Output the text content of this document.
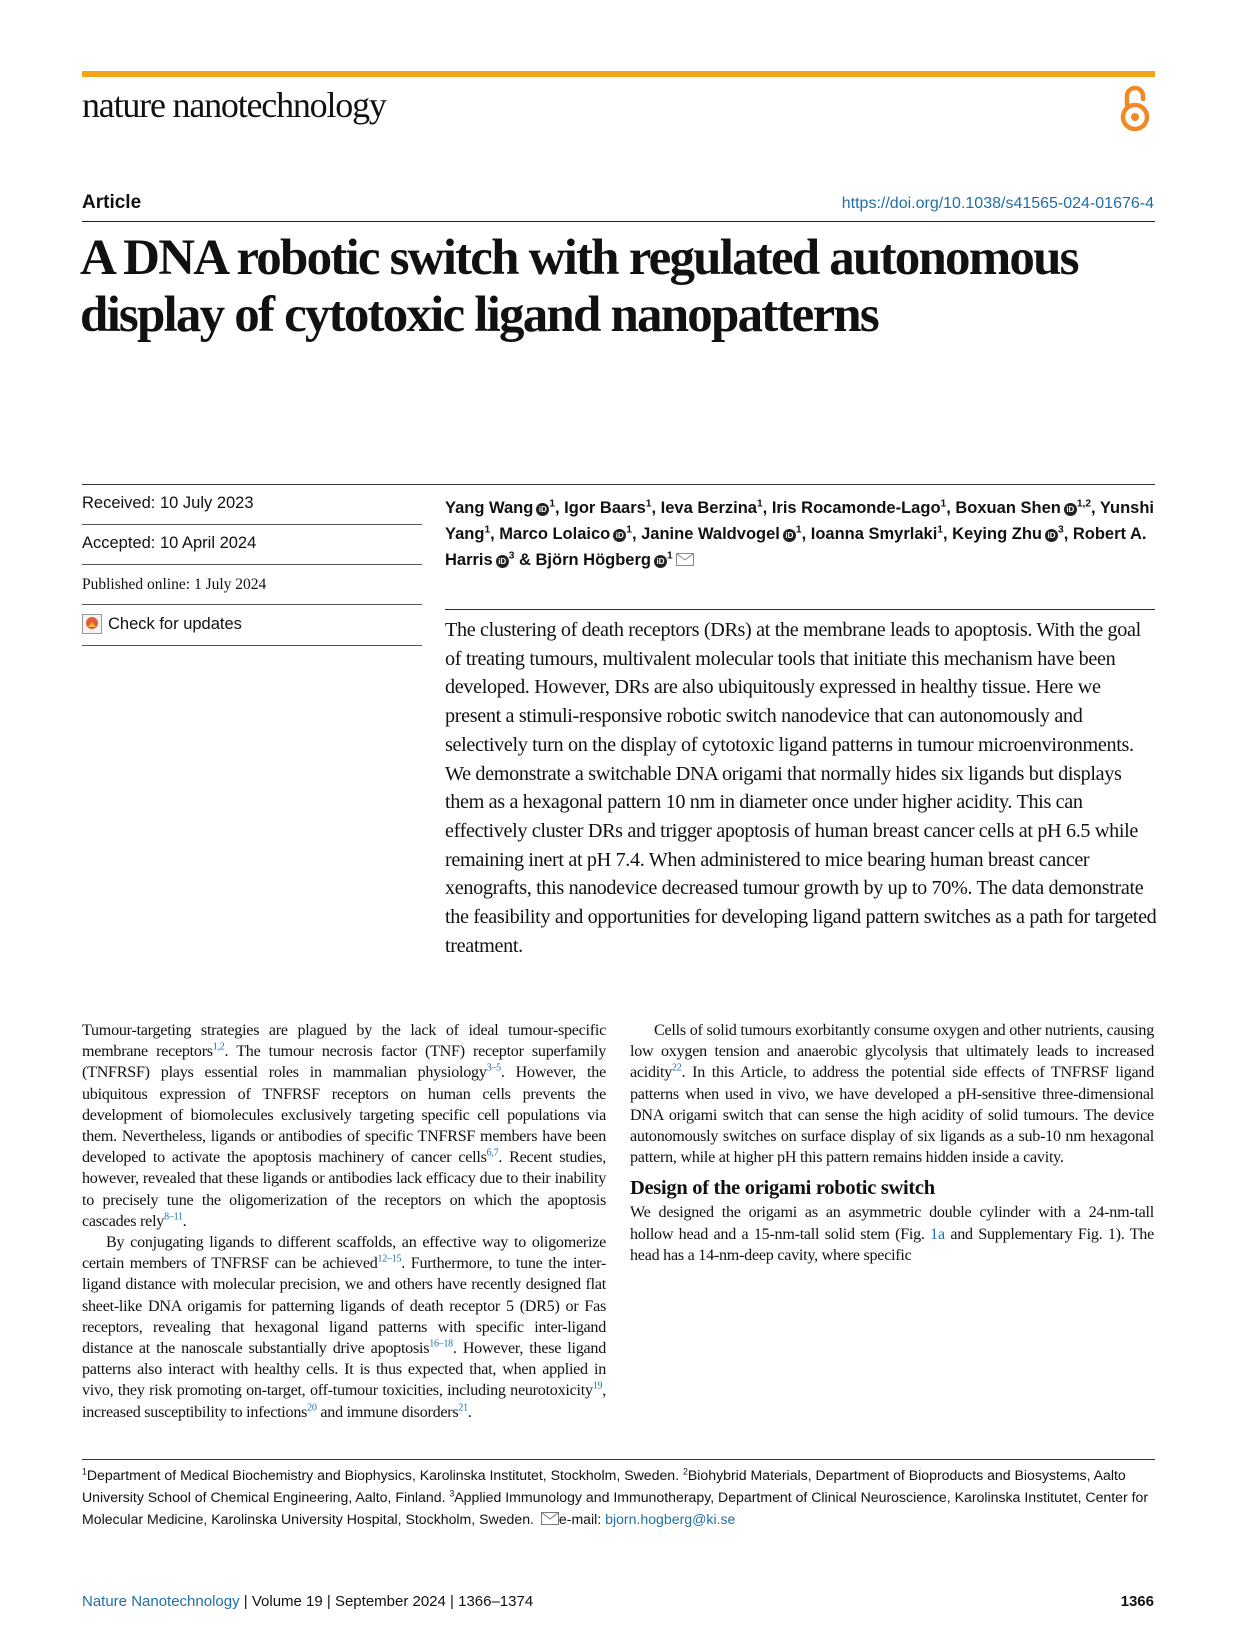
nature nanotechnology
Article	https://doi.org/10.1038/s41565-024-01676-4
A DNA robotic switch with regulated autonomous display of cytotoxic ligand nanopatterns
Received: 10 July 2023
Accepted: 10 April 2024
Published online: 1 July 2024
Check for updates
Yang Wang iD $^1$, Igor Baars$^1$, Ieva Berzina$^1$, Iris Rocamonde-Lago$^1$, Boxuan Shen iD $^{1,2}$, Yunshi Yang$^1$, Marco Lolaico iD $^1$, Janine Waldvogel iD $^1$, Ioanna Smyrlaki$^1$, Keying Zhu iD $^3$, Robert A. Harris iD $^3$ & Björn Högberg iD $^1$

The clustering of death receptors (DRs) at the membrane leads to apoptosis. With the goal of treating tumours, multivalent molecular tools that initiate this mechanism have been developed. However, DRs are also ubiquitously expressed in healthy tissue. Here we present a stimuli-responsive robotic switch nanodevice that can autonomously and selectively turn on the display of cytotoxic ligand patterns in tumour microenvironments. We demonstrate a switchable DNA origami that normally hides six ligands but displays them as a hexagonal pattern 10 nm in diameter once under higher acidity. This can effectively cluster DRs and trigger apoptosis of human breast cancer cells at pH 6.5 while remaining inert at pH 7.4. When administered to mice bearing human breast cancer xenografts, this nanodevice decreased tumour growth by up to 70%. The data demonstrate the feasibility and opportunities for developing ligand pattern switches as a path for targeted treatment.

Tumour-targeting strategies are plagued by the lack of ideal tumour-specific membrane receptors$^{1,2}$. The tumour necrosis factor (TNF) receptor superfamily (TNFRSF) plays essential roles in mammalian physiology$^{3-5}$. However, the ubiquitous expression of TNFRSF receptors on human cells prevents the development of biomolecules exclusively targeting specific cell populations via them. Nevertheless, ligands or antibodies of specific TNFRSF members have been developed to activate the apoptosis machinery of cancer cells$^{6,7}$. Recent studies, however, revealed that these ligands or antibodies lack efficacy due to their inability to precisely tune the oligomerization of the receptors on which the apoptosis cascades rely$^{8-11}$.

By conjugating ligands to different scaffolds, an effective way to oligomerize certain members of TNFRSF can be achieved$^{12-15}$. Furthermore, to tune the inter-ligand distance with molecular precision, we and others have recently designed flat sheet-like DNA origamis for patterning ligands of death receptor 5 (DR5) or Fas receptors, revealing that hexagonal ligand patterns with specific inter-ligand distance at the nanoscale substantially drive apoptosis$^{16-18}$. However, these ligand patterns also interact with healthy cells. It is thus expected that, when applied in vivo, they risk promoting on-target, off-tumour toxicities, including neurotoxicity$^{19}$, increased susceptibility to infections$^{20}$ and immune disorders$^{21}$.

Cells of solid tumours exorbitantly consume oxygen and other nutrients, causing low oxygen tension and anaerobic glycolysis that ultimately leads to increased acidity$^{22}$. In this Article, to address the potential side effects of TNFRSF ligand patterns when used in vivo, we have developed a pH-sensitive three-dimensional DNA origami switch that can sense the high acidity of solid tumours. The device autonomously switches on surface display of six ligands as a sub-10 nm hexagonal pattern, while at higher pH this pattern remains hidden inside a cavity.

Design of the origami robotic switch

We designed the origami as an asymmetric double cylinder with a 24-nm-tall hollow head and a 15-nm-tall solid stem (Fig. 1a and Supplementary Fig. 1). The head has a 14-nm-deep cavity, where specific

$^1$Department of Medical Biochemistry and Biophysics, Karolinska Institutet, Stockholm, Sweden. $^2$Biohybrid Materials, Department of Bioproducts and Biosystems, Aalto University School of Chemical Engineering, Aalto, Finland. $^3$Applied Immunology and Immunotherapy, Department of Clinical Neuroscience, Karolinska Institutet, Center for Molecular Medicine, Karolinska University Hospital, Stockholm, Sweden. e-mail: bjorn.hogberg@ki.se
Nature Nanotechnology | Volume 19 | September 2024 | 1366–1374	1366
